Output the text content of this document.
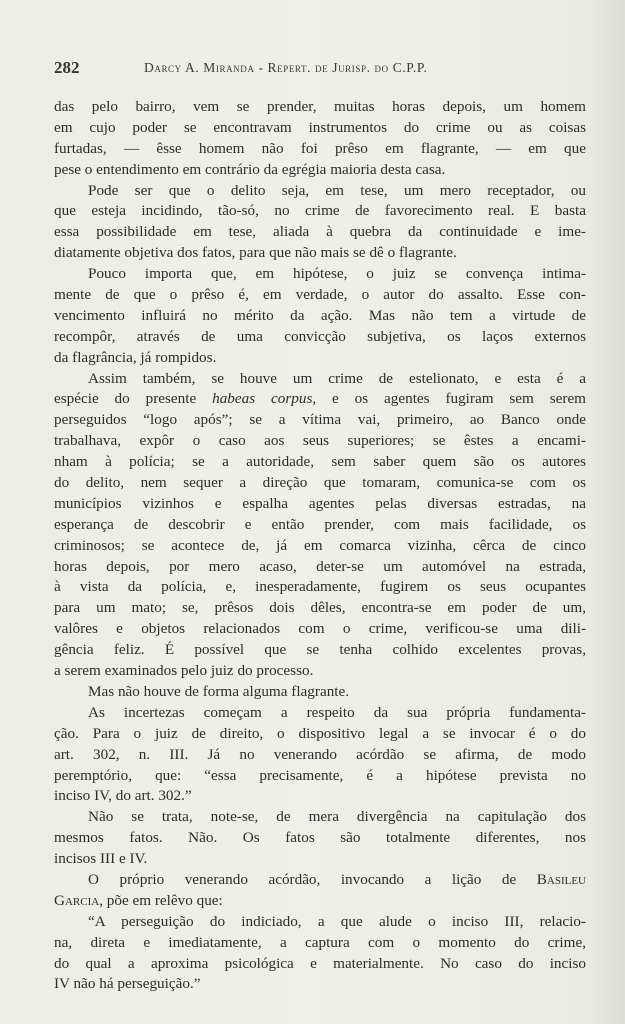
282	Darcy A. Miranda - Repert. de Jurisp. do C.P.P.
das pelo bairro, vem se prender, muitas horas depois, um homem
em cujo poder se encontravam instrumentos do crime ou as coisas
furtadas, — êsse homem não foi prêso em flagrante, — em que
pese o entendimento em contrário da egrégia maioria desta casa.
Pode ser que o delito seja, em tese, um mero receptador, ou
que esteja incidindo, tão-só, no crime de favorecimento real. E basta
essa possibilidade em tese, aliada à quebra da continuidade e ime-
diatamente objetiva dos fatos, para que não mais se dê o flagrante.
Pouco importa que, em hipótese, o juiz se convença intima-
mente de que o prêso é, em verdade, o autor do assalto. Esse con-
vencimento influirá no mérito da ação. Mas não tem a virtude de
recompôr, através de uma convicção subjetiva, os laços externos
da flagrância, já rompidos.
Assim também, se houve um crime de estelionato, e esta é a
espécie do presente habeas corpus, e os agentes fugiram sem serem
perseguidos “logo após”; se a vítima vai, primeiro, ao Banco onde
trabalhava, expôr o caso aos seus superiores; se êstes a encami-
nham à polícia; se a autoridade, sem saber quem são os autores
do delito, nem sequer a direção que tomaram, comunica-se com os
municípios vizinhos e espalha agentes pelas diversas estradas, na
esperança de descobrir e então prender, com mais facilidade, os
criminosos; se acontece de, já em comarca vizinha, cêrca de cinco
horas depois, por mero acaso, deter-se um automóvel na estrada,
à vista da polícia, e, inesperadamente, fugirem os seus ocupantes
para um mato; se, prêsos dois dêles, encontra-se em poder de um,
valôres e objetos relacionados com o crime, verificou-se uma dili-
gência feliz. É possível que se tenha colhido excelentes provas,
a serem examinados pelo juiz do processo.
Mas não houve de forma alguma flagrante.
As incertezas começam a respeito da sua própria fundamenta-
ção. Para o juiz de direito, o dispositivo legal a se invocar é o do
art. 302, n. III. Já no venerando acórdão se afirma, de modo
peremptório, que: “essa precisamente, é a hipótese prevista no
inciso IV, do art. 302.”
Não se trata, note-se, de mera divergência na capitulação dos
mesmos fatos. Não. Os fatos são totalmente diferentes, nos
incisos III e IV.
O próprio venerando acórdão, invocando a lição de Basileu
Garcia, põe em relêvo que:
“A perseguição do indiciado, a que alude o inciso III, relacio-
na, direta e imediatamente, a captura com o momento do crime,
do qual a aproxima psicológica e materialmente. No caso do inciso
IV não há perseguição.”
